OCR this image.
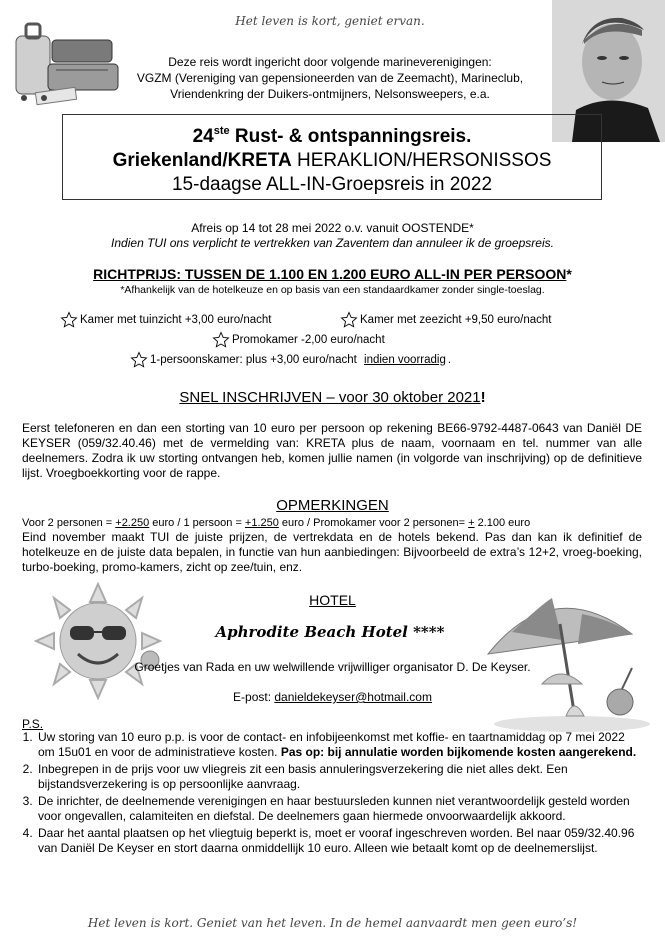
Het leven is kort, geniet ervan.
Deze reis wordt ingericht door volgende marineverenigingen:
VGZM (Vereniging van gepensioneerden van de Zeemacht), Marineclub,
Vriendenkring der Duikers-ontmijners, Nelsonsweepers, e.a.
24ste Rust- & ontspanningsreis.
Griekenland/KRETA HERAKLION/HERSONISSOS
15-daagse ALL-IN-Groepsreis in 2022
Afreis op 14 tot 28 mei 2022 o.v. vanuit OOSTENDE*
Indien TUI ons verplicht te vertrekken van Zaventem dan annuleer ik de groepsreis.
RICHTPRIJS: TUSSEN DE 1.100 EN 1.200 EURO ALL-IN PER PERSOON*
*Afhankelijk van de hotelkeuze en op basis van een standaardkamer zonder single-toeslag.
Kamer met tuinzicht +3,00 euro/nacht	Kamer met zeezicht +9,50 euro/nacht
Promokamer -2,00 euro/nacht
1-persoonskamer: plus +3,00 euro/nacht
indien voorradig .
SNEL INSCHRIJVEN – voor 30 oktober 2021!
Eerst telefoneren en dan een storting van 10 euro per persoon op rekening BE66-9792-4487-0643 van Daniël DE KEYSER (059/32.40.46) met de vermelding van: KRETA plus de naam, voornaam en tel. nummer van alle deelnemers. Zodra ik uw storting ontvangen heb, komen jullie namen (in volgorde van inschrijving) op de definitieve lijst. Vroegboekkorting voor de rappe.
OPMERKINGEN
Voor 2 personen = +2.250 euro / 1 persoon = +1.250 euro / Promokamer voor 2 personen= + 2.100 euro
Eind november maakt TUI de juiste prijzen, de vertrekdata en de hotels bekend. Pas dan kan ik definitief de hotelkeuze en de juiste data bepalen, in functie van hun aanbiedingen: Bijvoorbeeld de extra’s 12+2, vroeg-boeking, turbo-boeking, promo-kamers, zicht op zee/tuin, enz.
HOTEL
Aphrodite Beach Hotel ****
Groetjes van Rada en uw welwillende vrijwilliger organisator D. De Keyser.
E-post: danieldekeyser@hotmail.com
P.S.
1. Uw storing van 10 euro p.p. is voor de contact- en infobijeenkomst met koffie- en taartnamiddag op 7 mei 2022 om 15u01 en voor de administratieve kosten. Pas op: bij annulatie worden bijkomende kosten aangerekend.
2. Inbegrepen in de prijs voor uw vliegreis zit een basis annuleringsverzekering die niet alles dekt. Een bijstandsverzekering is op persoonlijke aanvraag.
3. De inrichter, de deelnemende verenigingen en haar bestuursleden kunnen niet verantwoordelijk gesteld worden voor ongevallen, calamiteiten en diefstal. De deelnemers gaan hiermede onvoorwaardelijk akkoord.
4. Daar het aantal plaatsen op het vliegtuig beperkt is, moet er vooraf ingeschreven worden. Bel naar 059/32.40.96 van Daniël De Keyser en stort daarna onmiddellijk 10 euro. Alleen wie betaalt komt op de deelnemerslijst.
Het leven is kort. Geniet van het leven. In de hemel aanvaardt men geen euro’s!
